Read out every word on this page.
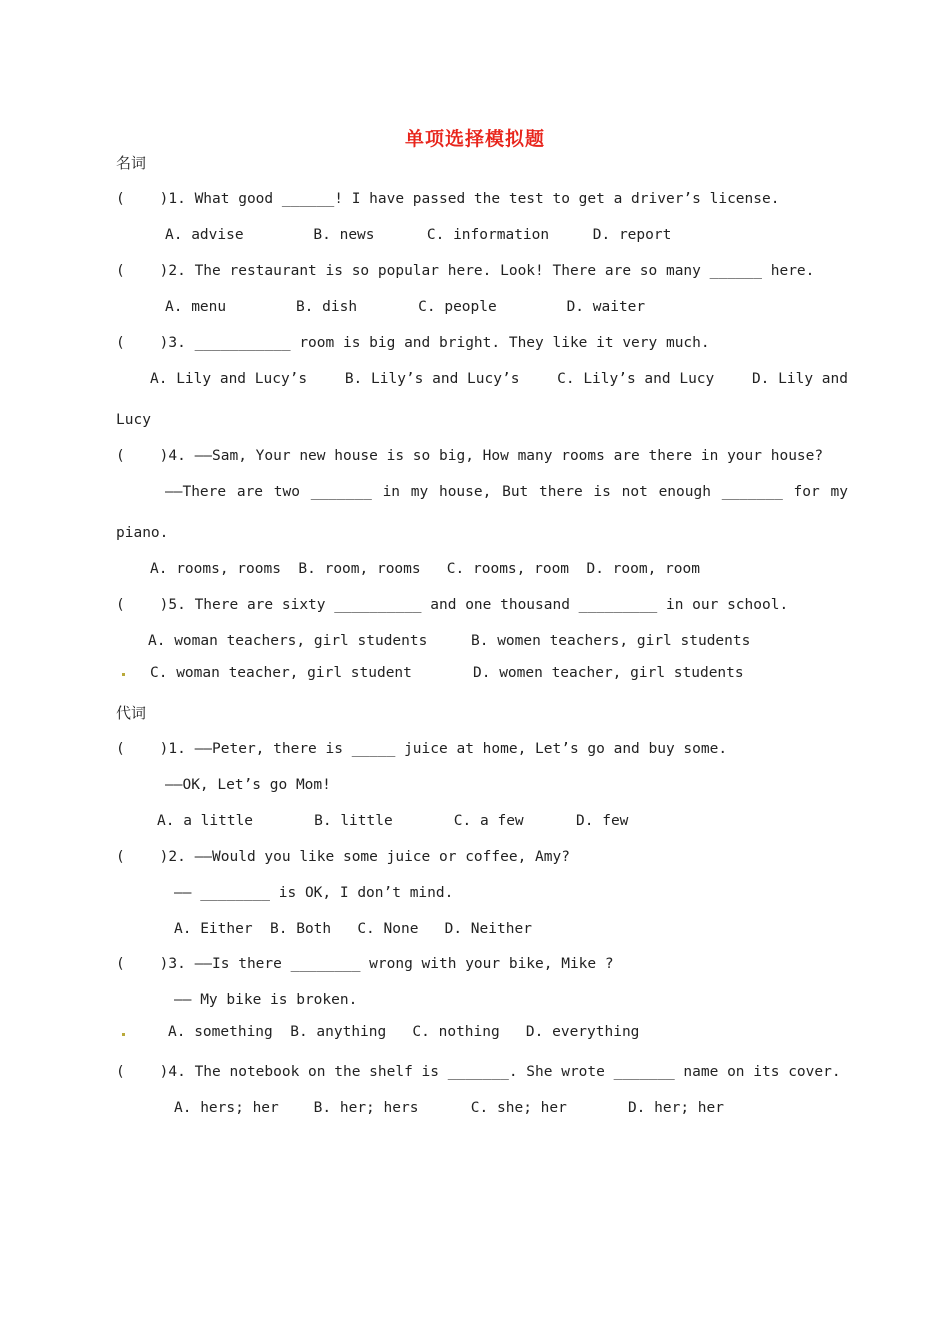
单项选择模拟题
名词
(    )1. What good ______! I have passed the test to get a driver’s license.
A. advise        B. news      C. information     D. report
(    )2. The restaurant is so popular here. Look! There are so many ______ here.
A. menu        B. dish       C. people        D. waiter
(    )3. ___________ room is big and bright. They like it very much.
A. Lily and Lucy’s	B. Lily’s and Lucy’s	C. Lily’s and Lucy	D. Lily and
Lucy
(    )4. ——Sam, Your new house is so big, How many rooms are there in your house?
——There are two _______ in my house, But there is not enough _______ for my
piano.
A. rooms, rooms  B. room, rooms   C. rooms, room  D. room, room
(    )5. There are sixty __________ and one thousand _________ in our school.
A. woman teachers, girl students     B. women teachers, girl students
C. woman teacher, girl student       D. women teacher, girl students
代词
(    )1. ——Peter, there is _____ juice at home, Let’s go and buy some.
——OK, Let’s go Mom!
A. a little       B. little       C. a few      D. few
(    )2. ——Would you like some juice or coffee, Amy?
—— ________ is OK, I don’t mind.
A. Either  B. Both   C. None   D. Neither
(    )3. ——Is there ________ wrong with your bike, Mike ?
—— My bike is broken.
A. something  B. anything   C. nothing   D. everything
(    )4. The notebook on the shelf is _______. She wrote _______ name on its cover.
A. hers; her    B. her; hers      C. she; her       D. her; her
